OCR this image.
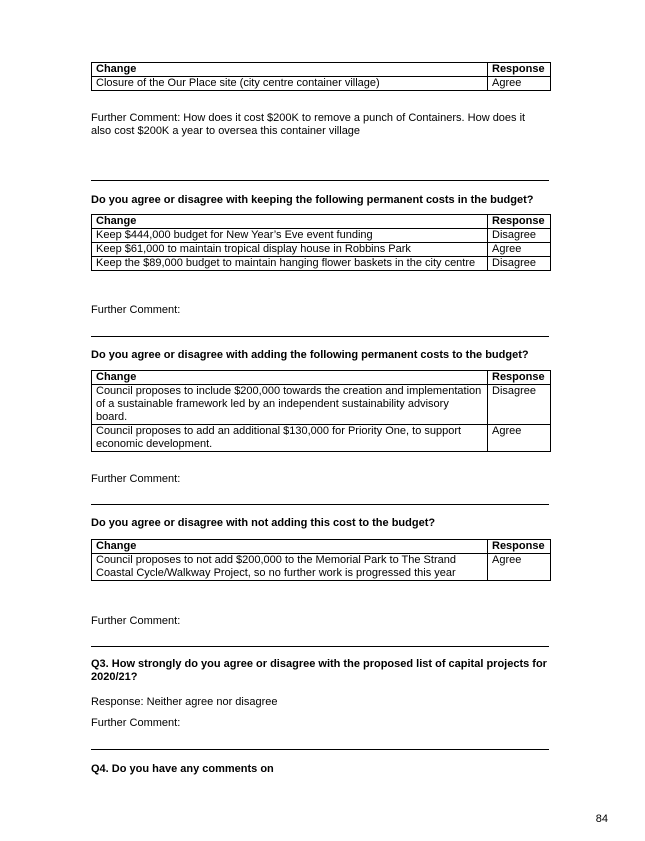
Change	Response
Closure of the Our Place site (city centre container village)	Agree
Further Comment: How does it cost $200K to remove a punch of Containers. How does it
also cost $200K a year to oversea this container village
Do you agree or disagree with keeping the following permanent costs in the budget?
Change	Response
Keep $444,000 budget for New Year’s Eve event funding	Disagree
Keep $61,000 to maintain tropical display house in Robbins Park	Agree
Keep the $89,000 budget to maintain hanging flower baskets in the city centre	Disagree
Further Comment:
Do you agree or disagree with adding the following permanent costs to the budget?
Change	Response
Council proposes to include $200,000 towards the creation and implementation of a sustainable framework led by an independent sustainability advisory board.	Disagree
Council proposes to add an additional $130,000 for Priority One, to support economic development.	Agree
Further Comment:
Do you agree or disagree with not adding this cost to the budget?
Change	Response
Council proposes to not add $200,000 to the Memorial Park to The Strand Coastal Cycle/Walkway Project, so no further work is progressed this year	Agree
Further Comment:
Q3. How strongly do you agree or disagree with the proposed list of capital projects for 2020/21?
Response: Neither agree nor disagree
Further Comment:
Q4. Do you have any comments on
84
